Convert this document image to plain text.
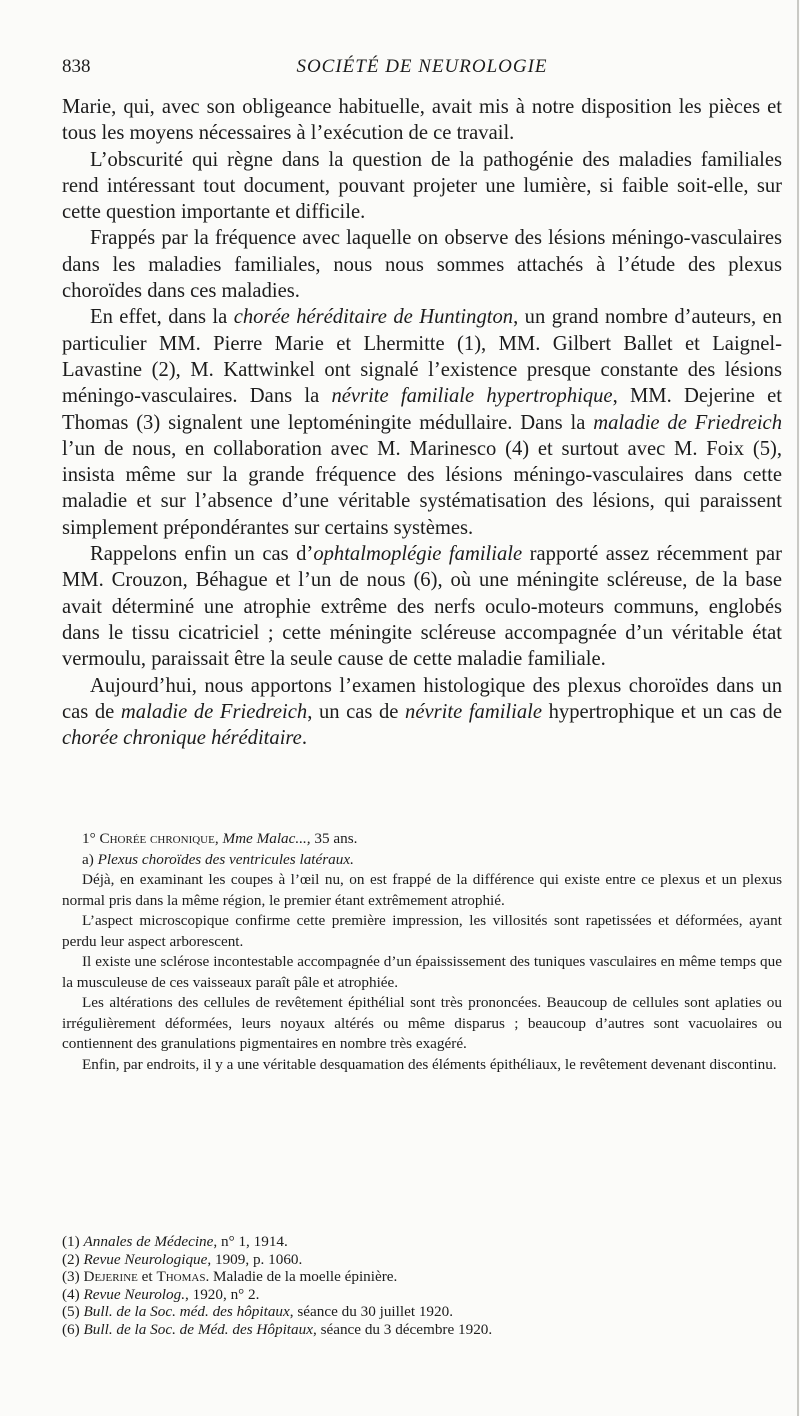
838	SOCIÉTÉ DE NEUROLOGIE

Marie, qui, avec son obligeance habituelle, avait mis à notre disposition les pièces et tous les moyens nécessaires à l’exécution de ce travail.

L’obscurité qui règne dans la question de la pathogénie des maladies familiales rend intéressant tout document, pouvant projeter une lumière, si faible soit-elle, sur cette question importante et difficile.

Frappés par la fréquence avec laquelle on observe des lésions méningo-vasculaires dans les maladies familiales, nous nous sommes attachés à l’étude des plexus choroïdes dans ces maladies.

En effet, dans la chorée héréditaire de Huntington, un grand nombre d’auteurs, en particulier MM. Pierre Marie et Lhermitte (1), MM. Gilbert Ballet et Laignel-Lavastine (2), M. Kattwinkel ont signalé l’existence presque constante des lésions méningo-vasculaires. Dans la névrite familiale hypertrophique, MM. Dejerine et Thomas (3) signalent une leptoméningite médullaire. Dans la maladie de Friedreich l’un de nous, en collaboration avec M. Marinesco (4) et surtout avec M. Foix (5), insista même sur la grande fréquence des lésions méningo-vasculaires dans cette maladie et sur l’absence d’une véritable systématisation des lésions, qui paraissent simplement prépondérantes sur certains systèmes.

Rappelons enfin un cas d’ophtalmoplégie familiale rapporté assez récemment par MM. Crouzon, Béhague et l’un de nous (6), où une méningite scléreuse, de la base avait déterminé une atrophie extrême des nerfs oculo-moteurs communs, englobés dans le tissu cicatriciel ; cette méningite scléreuse accompagnée d’un véritable état vermoulu, paraissait être la seule cause de cette maladie familiale.

Aujourd’hui, nous apportons l’examen histologique des plexus choroïdes dans un cas de maladie de Friedreich, un cas de névrite familiale hypertrophique et un cas de chorée chronique héréditaire.

1° Chorée chronique, Mme Malac..., 35 ans.

a) Plexus choroïdes des ventricules latéraux.

Déjà, en examinant les coupes à l’œil nu, on est frappé de la différence qui existe entre ce plexus et un plexus normal pris dans la même région, le premier étant extrêmement atrophié.

L’aspect microscopique confirme cette première impression, les villosités sont rapetissées et déformées, ayant perdu leur aspect arborescent.

Il existe une sclérose incontestable accompagnée d’un épaississement des tuniques vasculaires en même temps que la musculeuse de ces vaisseaux paraît pâle et atrophiée.

Les altérations des cellules de revêtement épithélial sont très prononcées. Beaucoup de cellules sont aplaties ou irrégulièrement déformées, leurs noyaux altérés ou même disparus ; beaucoup d’autres sont vacuolaires ou contiennent des granulations pigmentaires en nombre très exagéré.

Enfin, par endroits, il y a une véritable desquamation des éléments épithéliaux, le revêtement devenant discontinu.

(1) Annales de Médecine, n° 1, 1914.

(2) Revue Neurologique, 1909, p. 1060.

(3) Dejerine et Thomas. Maladie de la moelle épinière.

(4) Revue Neurolog., 1920, n° 2.

(5) Bull. de la Soc. méd. des hôpitaux, séance du 30 juillet 1920.

(6) Bull. de la Soc. de Méd. des Hôpitaux, séance du 3 décembre 1920.
